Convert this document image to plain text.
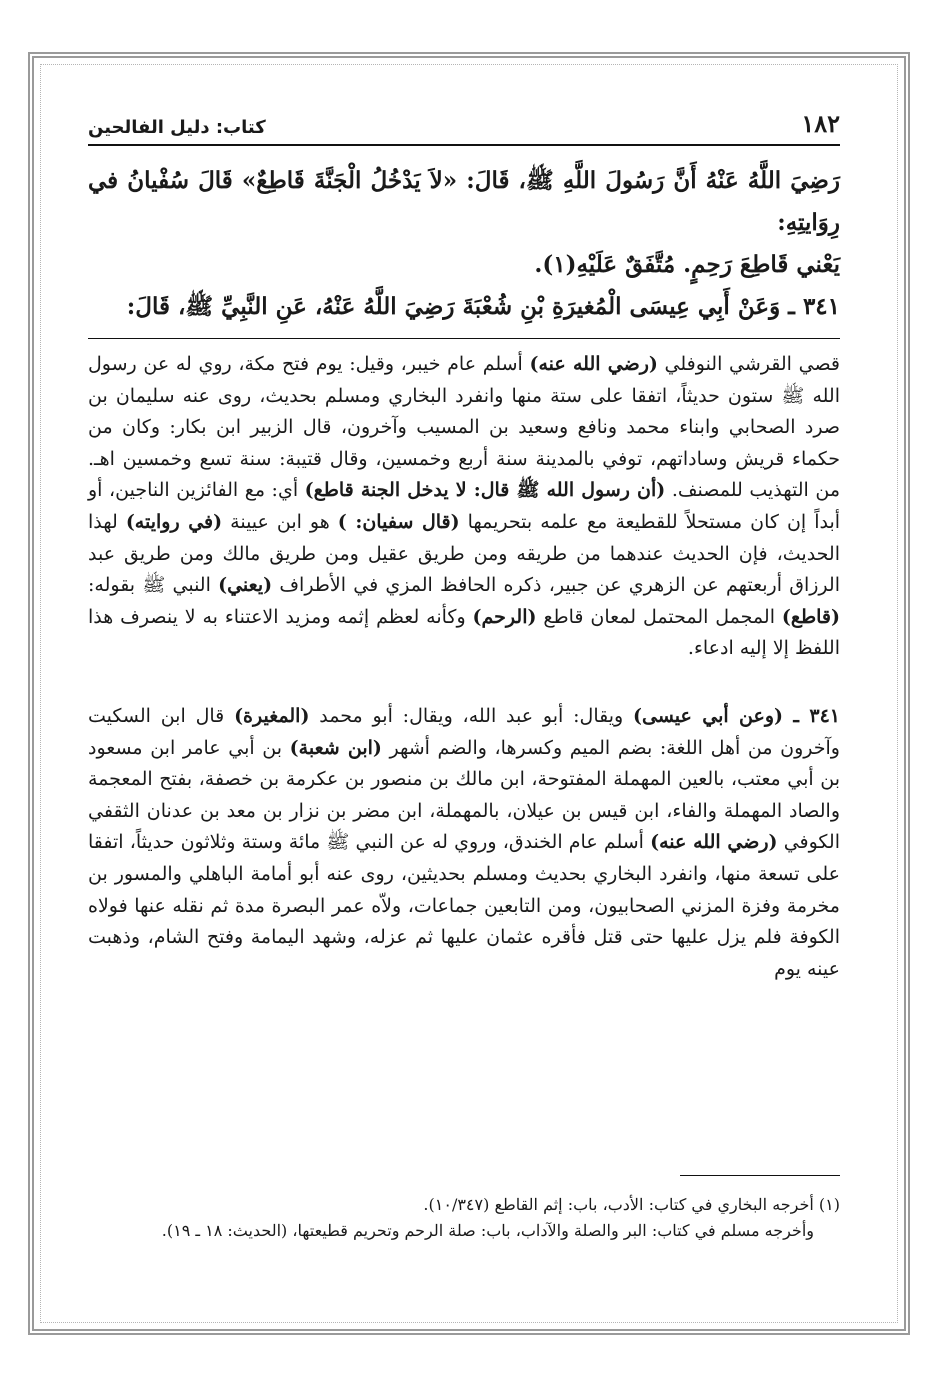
١٨٢
كتاب: دليل الفالحين

رَضِيَ اللَّهُ عَنْهُ أَنَّ رَسُولَ اللَّهِ ﷺ، قَالَ: «لاَ يَدْخُلُ الْجَنَّةَ قَاطِعٌ» قَالَ سُفْيانُ في رِوَايتِهِ:

يَعْني قَاطِعَ رَحِمٍ. مُتَّفَقٌ عَلَيْهِ(١).

٣٤١ ـ وَعَنْ أَبِي عِيسَى الْمُغيرَةِ بْنِ شُعْبَةَ رَضِيَ اللَّهُ عَنْهُ، عَنِ النَّبِيِّ ﷺ، قَالَ:

قصي القرشي النوفلي (رضي الله عنه) أسلم عام خيبر، وقيل: يوم فتح مكة، روي له عن رسول الله ﷺ ستون حديثاً، اتفقا على ستة منها وانفرد البخاري ومسلم بحديث، روى عنه سليمان بن صرد الصحابي وابناء محمد ونافع وسعيد بن المسيب وآخرون، قال الزبير ابن بكار: وكان من حكماء قريش وساداتهم، توفي بالمدينة سنة أربع وخمسين، وقال قتيبة: سنة تسع وخمسين اهـ. من التهذيب للمصنف. (أن رسول الله ﷺ قال: لا يدخل الجنة قاطع) أي: مع الفائزين الناجين، أو أبداً إن كان مستحلاً للقطيعة مع علمه بتحريمها (قال سفيان: ) هو ابن عيينة (في روايته) لهذا الحديث، فإن الحديث عندهما من طريقه ومن طريق عقيل ومن طريق مالك ومن طريق عبد الرزاق أربعتهم عن الزهري عن جبير، ذكره الحافظ المزي في الأطراف (يعني) النبي ﷺ بقوله: (قاطع) المجمل المحتمل لمعان قاطع (الرحم) وكأنه لعظم إثمه ومزيد الاعتناء به لا ينصرف هذا اللفظ إلا إليه ادعاء.

٣٤١ ـ (وعن أبي عيسى) ويقال: أبو عبد الله، ويقال: أبو محمد (المغيرة) قال ابن السكيت وآخرون من أهل اللغة: بضم الميم وكسرها، والضم أشهر (ابن شعبة) بن أبي عامر ابن مسعود بن أبي معتب، بالعين المهملة المفتوحة، ابن مالك بن منصور بن عكرمة بن خصفة، بفتح المعجمة والصاد المهملة والفاء، ابن قيس بن عيلان، بالمهملة، ابن مضر بن نزار بن معد بن عدنان الثقفي الكوفي (رضي الله عنه) أسلم عام الخندق، وروي له عن النبي ﷺ مائة وستة وثلاثون حديثاً، اتفقا على تسعة منها، وانفرد البخاري بحديث ومسلم بحديثين، روى عنه أبو أمامة الباهلي والمسور بن مخرمة وفزة المزني الصحابيون، ومن التابعين جماعات، ولاّه عمر البصرة مدة ثم نقله عنها فولاه الكوفة فلم يزل عليها حتى قتل فأقره عثمان عليها ثم عزله، وشهد اليمامة وفتح الشام، وذهبت عينه يوم

(١) أخرجه البخاري في كتاب: الأدب، باب: إثم القاطع (١٠/٣٤٧).

وأخرجه مسلم في كتاب: البر والصلة والآداب، باب: صلة الرحم وتحريم قطيعتها، (الحديث: ١٨ ـ ١٩).
